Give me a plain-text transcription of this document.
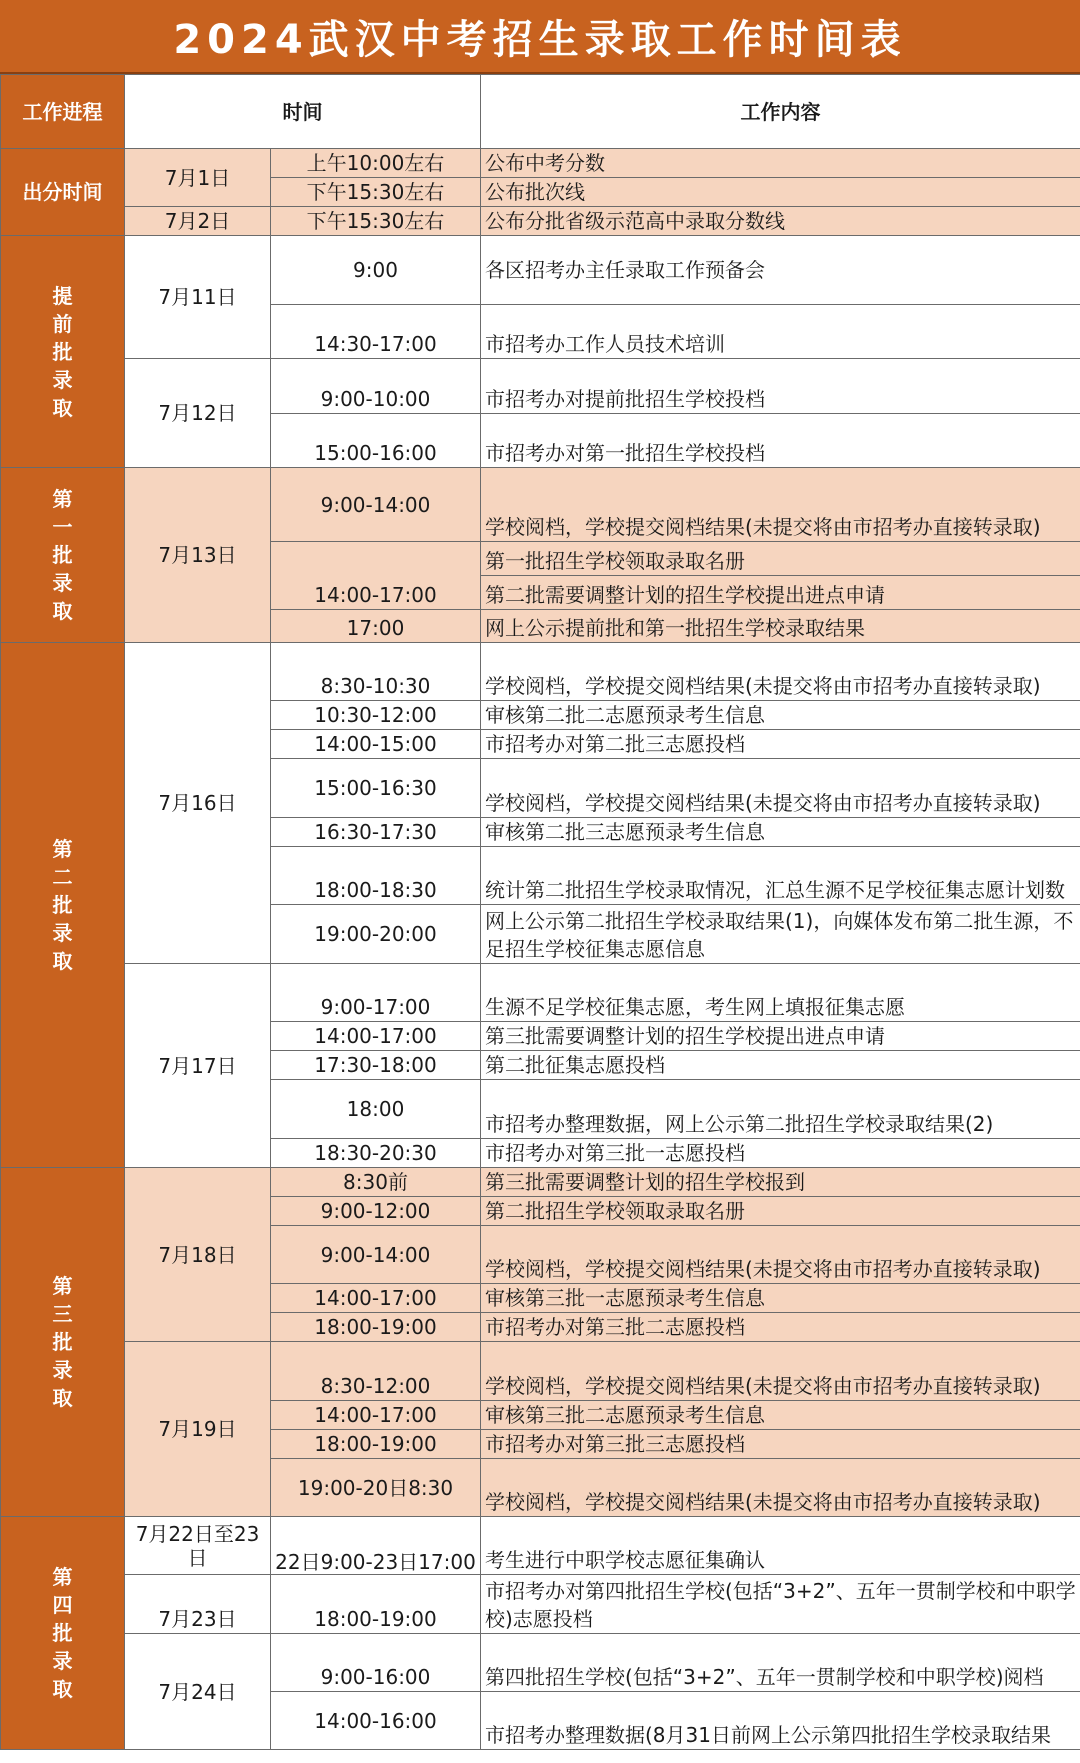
2024武汉中考招生录取工作时间表
工作进程	时间		工作内容
出分时间	7月1日	上午10:00左右	公布中考分数
		下午15:30左右	公布批次线
	7月2日	下午15:30左右	公布分批省级示范高中录取分数线
提前批录取	7月11日	9:00	各区招考办主任录取工作预备会
		14:30-17:00	市招考办工作人员技术培训
	7月12日	9:00-10:00	市招考办对提前批招生学校投档
		15:00-16:00	市招考办对第一批招生学校投档
第一批录取	7月13日	9:00-14:00	学校阅档，学校提交阅档结果(未提交将由市招考办直接转录取)
		14:00-17:00	第一批招生学校领取录取名册
			第二批需要调整计划的招生学校提出进点申请
		17:00	网上公示提前批和第一批招生学校录取结果
第二批录取	7月16日	8:30-10:30	学校阅档，学校提交阅档结果(未提交将由市招考办直接转录取)
		10:30-12:00	审核第二批二志愿预录考生信息
		14:00-15:00	市招考办对第二批三志愿投档
		15:00-16:30	学校阅档，学校提交阅档结果(未提交将由市招考办直接转录取)
		16:30-17:30	审核第二批三志愿预录考生信息
		18:00-18:30	统计第二批招生学校录取情况，汇总生源不足学校征集志愿计划数
		19:00-20:00	网上公示第二批招生学校录取结果(1)，向媒体发布第二批生源，不足招生学校征集志愿信息
	7月17日	9:00-17:00	生源不足学校征集志愿，考生网上填报征集志愿
		14:00-17:00	第三批需要调整计划的招生学校提出进点申请
		17:30-18:00	第二批征集志愿投档
		18:00	市招考办整理数据，网上公示第二批招生学校录取结果(2)
		18:30-20:30	市招考办对第三批一志愿投档
第三批录取	7月18日	8:30前	第三批需要调整计划的招生学校报到
		9:00-12:00	第二批招生学校领取录取名册
		9:00-14:00	学校阅档，学校提交阅档结果(未提交将由市招考办直接转录取)
		14:00-17:00	审核第三批一志愿预录考生信息
		18:00-19:00	市招考办对第三批二志愿投档
	7月19日	8:30-12:00	学校阅档，学校提交阅档结果(未提交将由市招考办直接转录取)
		14:00-17:00	审核第三批二志愿预录考生信息
		18:00-19:00	市招考办对第三批三志愿投档
		19:00-20日8:30	学校阅档，学校提交阅档结果(未提交将由市招考办直接转录取)
第四批录取	7月22日至23日	22日9:00-23日17:00	考生进行中职学校志愿征集确认
	7月23日	18:00-19:00	市招考办对第四批招生学校(包括“3+2”、五年一贯制学校和中职学校)志愿投档
	7月24日	9:00-16:00	第四批招生学校(包括“3+2”、五年一贯制学校和中职学校)阅档
		14:00-16:00	市招考办整理数据(8月31日前网上公示第四批招生学校录取结果
